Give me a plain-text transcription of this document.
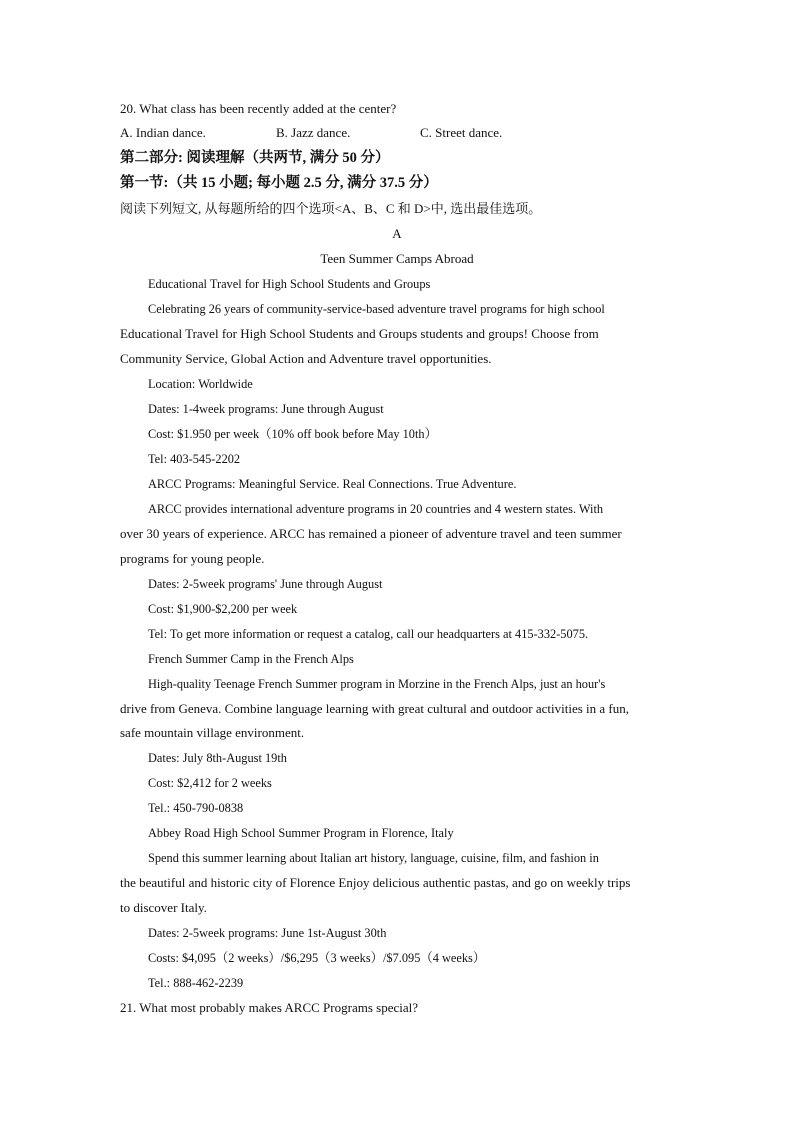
20. What class has been recently added at the center?
A. Indian dance.	B. Jazz dance.	C. Street dance.
第二部分: 阅读理解（共两节, 满分 50 分）
第一节:（共 15 小题; 每小题 2.5 分, 满分 37.5 分）
阅读下列短文, 从每题所给的四个选项<A、B、C 和 D>中, 选出最佳选项。
A
Teen Summer Camps Abroad
Educational Travel for High School Students and Groups
Celebrating 26 years of community-service-based adventure travel programs for high school
Educational Travel for High School Students and Groups students and groups! Choose from
Community Service, Global Action and Adventure travel opportunities.
Location: Worldwide
Dates: 1-4week programs: June through August
Cost: $1.950 per week（10% off book before May 10th）
Tel: 403-545-2202
ARCC Programs: Meaningful Service. Real Connections. True Adventure.
ARCC provides international adventure programs in 20 countries and 4 western states. With
over 30 years of experience. ARCC has remained a pioneer of adventure travel and teen summer
programs for young people.
Dates: 2-5week programs' June through August
Cost: $1,900-$2,200 per week
Tel: To get more information or request a catalog, call our headquarters at 415-332-5075.
French Summer Camp in the French Alps
High-quality Teenage French Summer program in Morzine in the French Alps, just an hour's
drive from Geneva. Combine language learning with great cultural and outdoor activities in a fun,
safe mountain village environment.
Dates: July 8th-August 19th
Cost: $2,412 for 2 weeks
Tel.: 450-790-0838
Abbey Road High School Summer Program in Florence, Italy
Spend this summer learning about Italian art history, language, cuisine, film, and fashion in
the beautiful and historic city of Florence Enjoy delicious authentic pastas, and go on weekly trips
to discover Italy.
Dates: 2-5week programs: June 1st-August 30th
Costs: $4,095（2 weeks）/$6,295（3 weeks）/$7.095（4 weeks）
Tel.: 888-462-2239
21. What most probably makes ARCC Programs special?
